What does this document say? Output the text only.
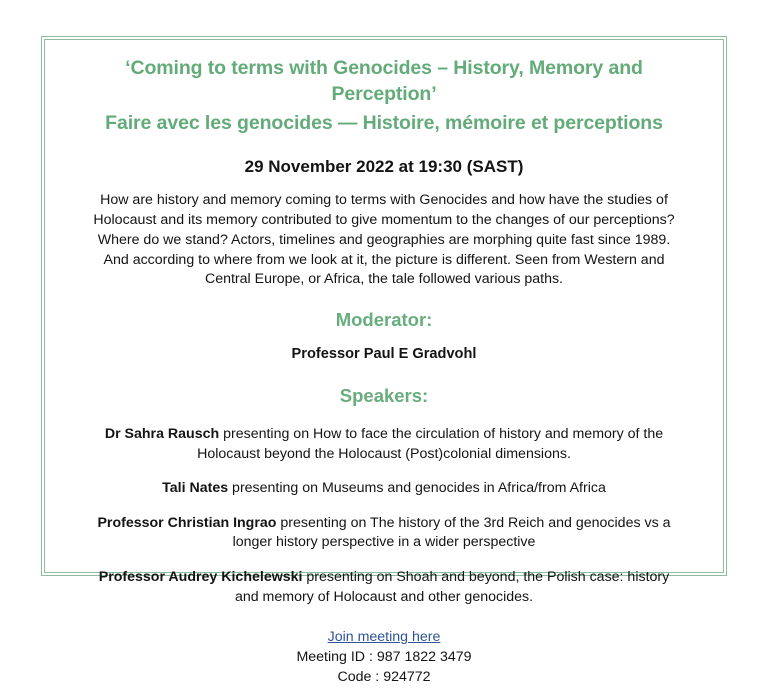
‘Coming to terms with Genocides – History, Memory and Perception’
Faire avec les genocides — Histoire, mémoire et perceptions
29 November 2022 at 19:30 (SAST)
How are history and memory coming to terms with Genocides and how have the studies of
Holocaust and its memory contributed to give momentum to the changes of our perceptions?
Where do we stand? Actors, timelines and geographies are morphing quite fast since 1989.
And according to where from we look at it, the picture is different. Seen from Western and
Central Europe, or Africa, the tale followed various paths.
Moderator:
Professor Paul E Gradvohl
Speakers:
Dr Sahra Rausch presenting on How to face the circulation of history and memory of the Holocaust beyond the Holocaust (Post)colonial dimensions.
Tali Nates presenting on Museums and genocides in Africa/from Africa
Professor Christian Ingrao presenting on The history of the 3rd Reich and genocides vs a longer history perspective in a wider perspective
Professor Audrey Kichelewski presenting on Shoah and beyond, the Polish case: history and memory of Holocaust and other genocides.
Join meeting here
Meeting ID : 987 1822 3479
Code : 924772
